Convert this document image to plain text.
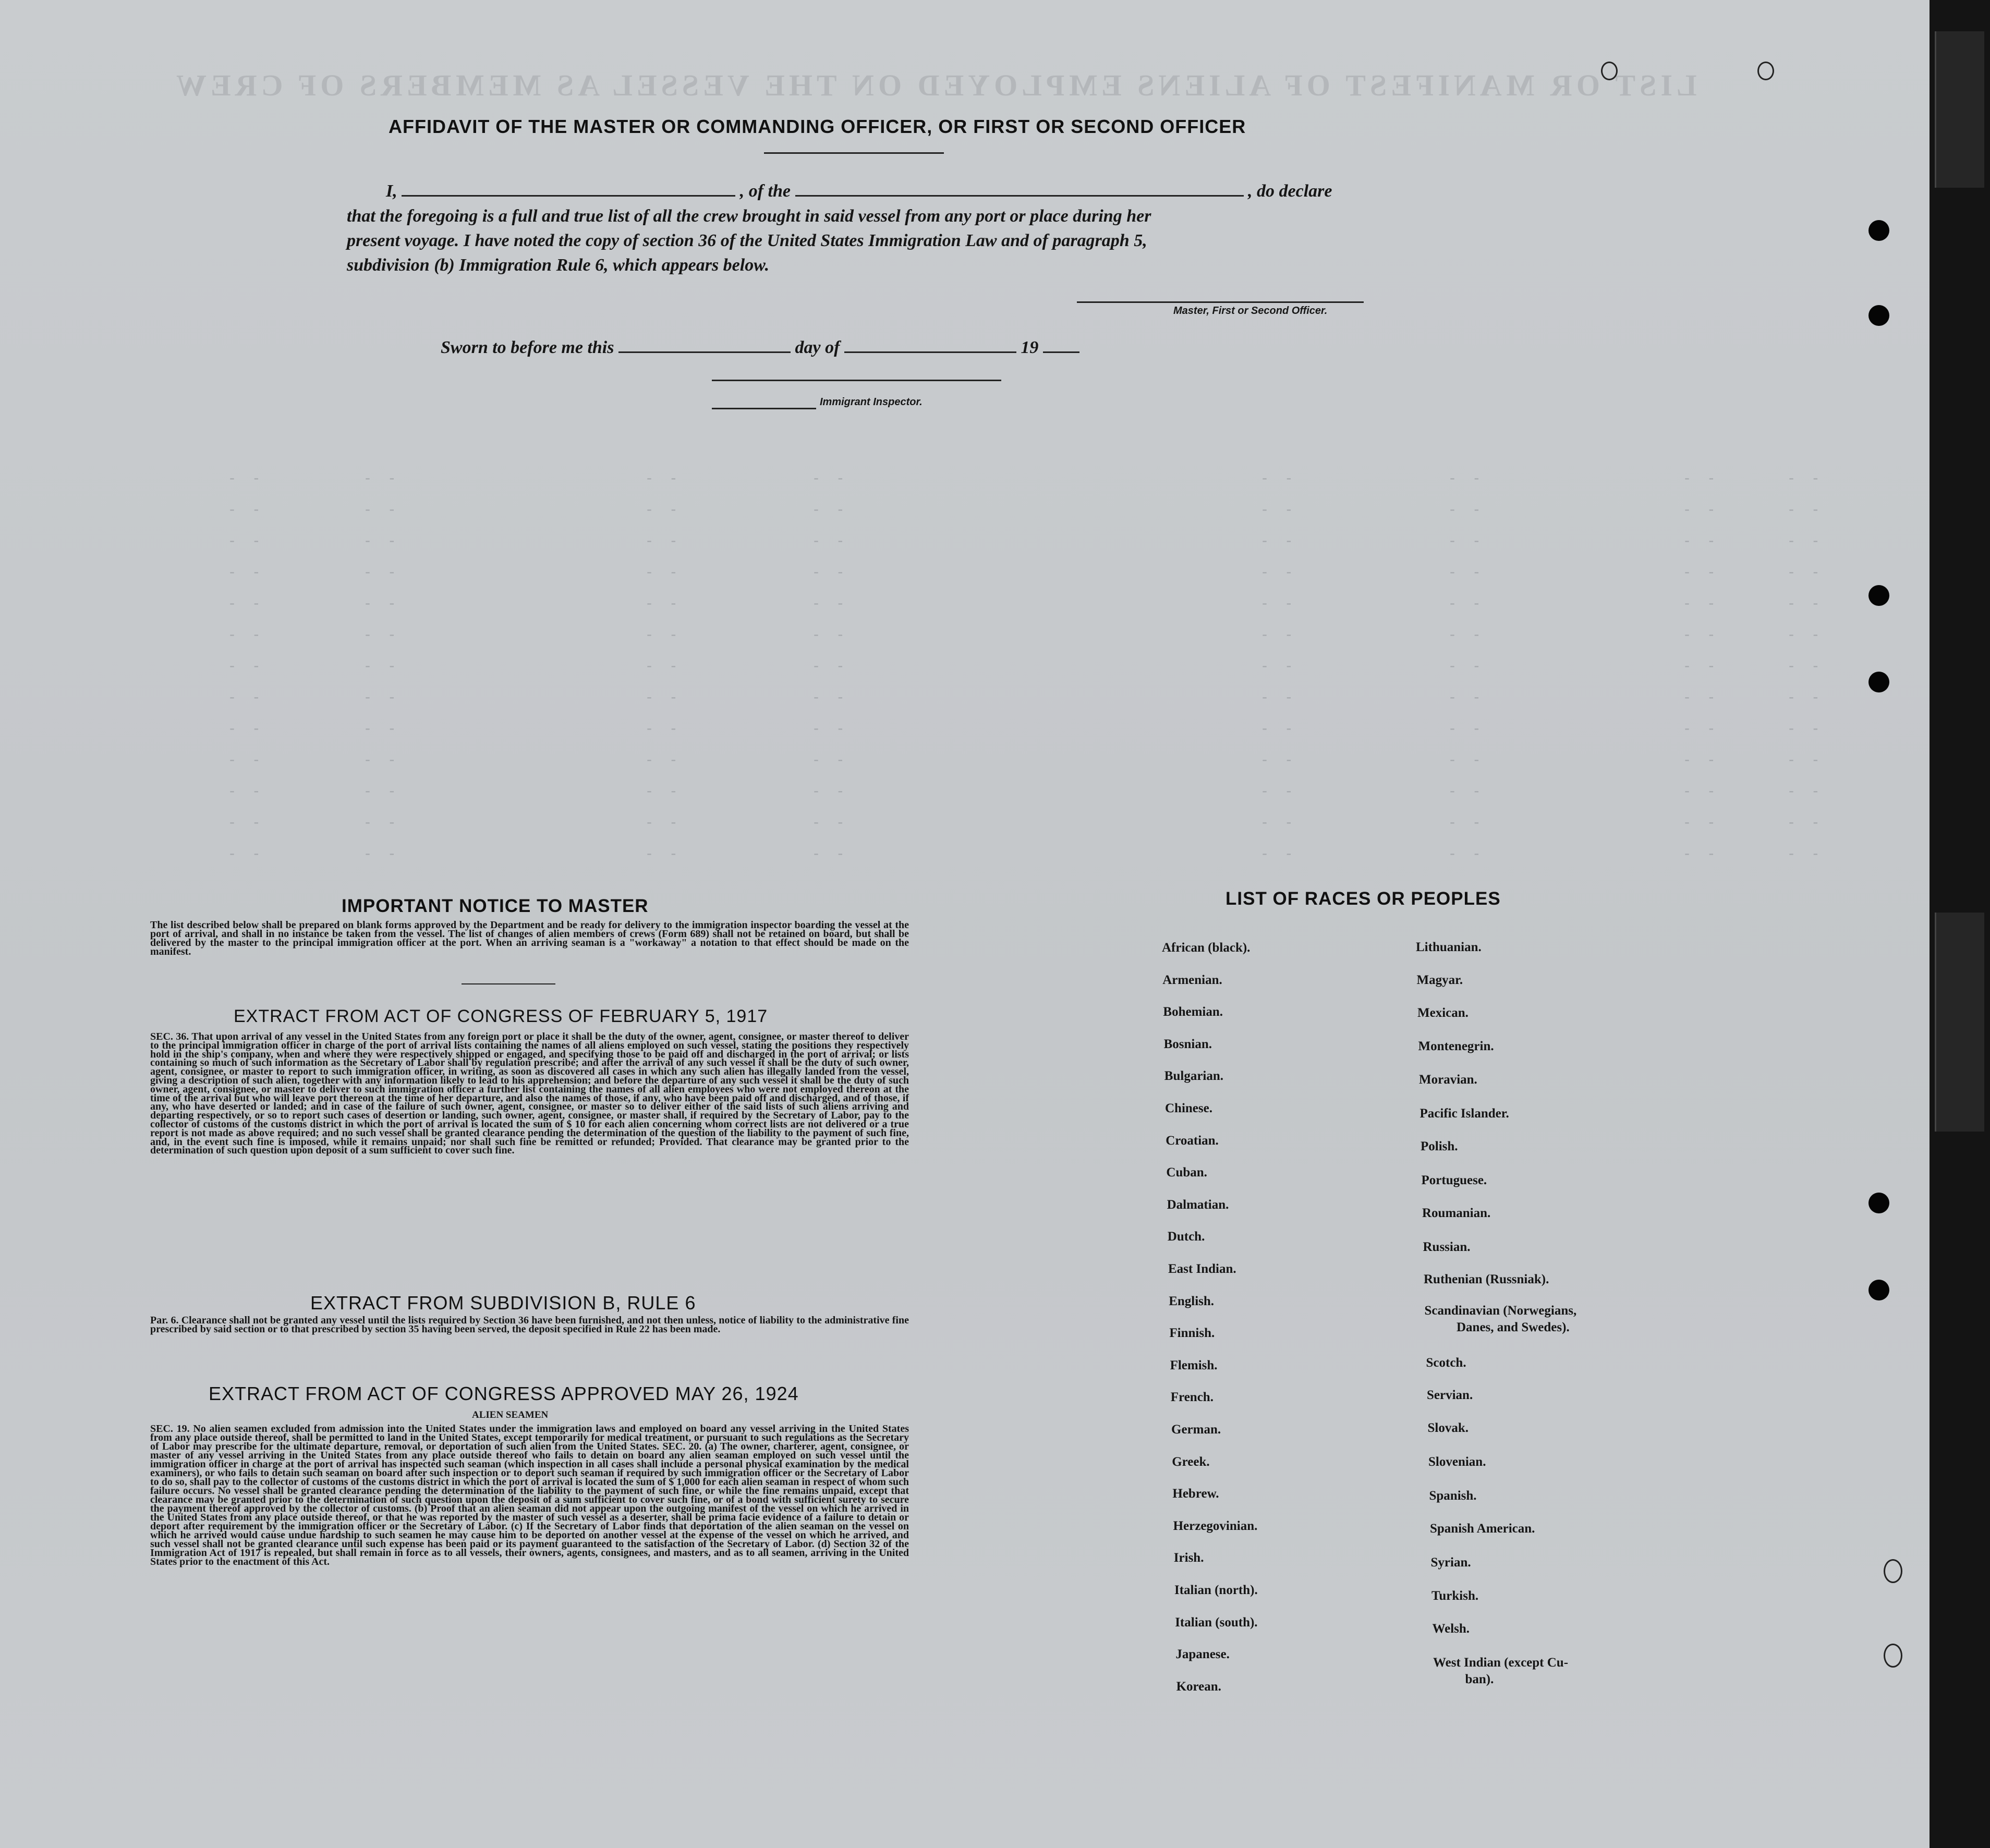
LIST OR MANIFEST OF ALIENS EMPLOYED ON THE VESSEL AS MEMBERS OF CREW
- -	- -	- -	- -	- -	- -	- -	- -
- -	- -	- -	- -	- -	- -	- -	- -
- -	- -	- -	- -	- -	- -	- -	- -
- -	- -	- -	- -	- -	- -	- -	- -
- -	- -	- -	- -	- -	- -	- -	- -
- -	- -	- -	- -	- -	- -	- -	- -
- -	- -	- -	- -	- -	- -	- -	- -
- -	- -	- -	- -	- -	- -	- -	- -
- -	- -	- -	- -	- -	- -	- -	- -
- -	- -	- -	- -	- -	- -	- -	- -
- -	- -	- -	- -	- -	- -	- -	- -
- -	- -	- -	- -	- -	- -	- -	- -
- -	- -	- -	- -	- -	- -	- -	- -
AFFIDAVIT OF THE MASTER OR COMMANDING OFFICER, OR FIRST OR SECOND OFFICER
I,	, of the	, do declare
that the foregoing is a full and true list of all the crew brought in said vessel from any port or place during her
present voyage. I have noted the copy of section 36 of the United States Immigration Law and of paragraph 5,
subdivision (b) Immigration Rule 6, which appears below.
Master, First or Second Officer.
Sworn to before me this	day of	19
Immigrant Inspector.
IMPORTANT NOTICE TO MASTER
The list described below shall be prepared on blank forms approved by the Department and be ready for delivery to the immigration inspector boarding the vessel at the port of arrival, and shall in no instance be taken from the vessel. The list of changes of alien members of crews (Form 689) shall not be retained on board, but shall be delivered by the master to the principal immigration officer at the port. When an arriving seaman is a "workaway" a notation to that effect should be made on the manifest.
EXTRACT FROM ACT OF CONGRESS OF FEBRUARY 5, 1917
SEC. 36. That upon arrival of any vessel in the United States from any foreign port or place it shall be the duty of the owner, agent, consignee, or master thereof to deliver to the principal immigration officer in charge of the port of arrival lists containing the names of all aliens employed on such vessel, stating the positions they respectively hold in the ship's company, when and where they were respectively shipped or engaged, and specifying those to be paid off and discharged in the port of arrival; or lists containing so much of such information as the Secretary of Labor shall by regulation prescribe; and after the arrival of any such vessel it shall be the duty of such owner, agent, consignee, or master to report to such immigration officer, in writing, as soon as discovered all cases in which any such alien has illegally landed from the vessel, giving a description of such alien, together with any information likely to lead to his apprehension; and before the departure of any such vessel it shall be the duty of such owner, agent, consignee, or master to deliver to such immigration officer a further list containing the names of all alien employees who were not employed thereon at the time of the arrival but who will leave port thereon at the time of her departure, and also the names of those, if any, who have been paid off and discharged, and of those, if any, who have deserted or landed; and in case of the failure of such owner, agent, consignee, or master so to deliver either of the said lists of such aliens arriving and departing respectively, or so to report such cases of desertion or landing, such owner, agent, consignee, or master shall, if required by the Secretary of Labor, pay to the collector of customs of the customs district in which the port of arrival is located the sum of $ 10 for each alien concerning whom correct lists are not delivered or a true report is not made as above required; and no such vessel shall be granted clearance pending the determination of the question of the liability to the payment of such fine, and, in the event such fine is imposed, while it remains unpaid; nor shall such fine be remitted or refunded; Provided. That clearance may be granted prior to the determination of such question upon deposit of a sum sufficient to cover such fine.
EXTRACT FROM SUBDIVISION B, RULE 6
Par. 6. Clearance shall not be granted any vessel until the lists required by Section 36 have been furnished, and not then unless, notice of liability to the administrative fine prescribed by said section or to that prescribed by section 35 having been served, the deposit specified in Rule 22 has been made.
EXTRACT FROM ACT OF CONGRESS APPROVED MAY 26, 1924
ALIEN SEAMEN
SEC. 19. No alien seamen excluded from admission into the United States under the immigration laws and employed on board any vessel arriving in the United States from any place outside thereof, shall be permitted to land in the United States, except temporarily for medical treatment, or pursuant to such regulations as the Secretary of Labor may prescribe for the ultimate departure, removal, or deportation of such alien from the United States. SEC. 20. (a) The owner, charterer, agent, consignee, or master of any vessel arriving in the United States from any place outside thereof who fails to detain on board any alien seaman employed on such vessel until the immigration officer in charge at the port of arrival has inspected such seaman (which inspection in all cases shall include a personal physical examination by the medical examiners), or who fails to detain such seaman on board after such inspection or to deport such seaman if required by such immigration officer or the Secretary of Labor to do so, shall pay to the collector of customs of the customs district in which the port of arrival is located the sum of $ 1,000 for each alien seaman in respect of whom such failure occurs. No vessel shall be granted clearance pending the determination of the liability to the payment of such fine, or while the fine remains unpaid, except that clearance may be granted prior to the determination of such question upon the deposit of a sum sufficient to cover such fine, or of a bond with sufficient surety to secure the payment thereof approved by the collector of customs. (b) Proof that an alien seaman did not appear upon the outgoing manifest of the vessel on which he arrived in the United States from any place outside thereof, or that he was reported by the master of such vessel as a deserter, shall be prima facie evidence of a failure to detain or deport after requirement by the immigration officer or the Secretary of Labor. (c) If the Secretary of Labor finds that deportation of the alien seaman on the vessel on which he arrived would cause undue hardship to such seamen he may cause him to be deported on another vessel at the expense of the vessel on which he arrived, and such vessel shall not be granted clearance until such expense has been paid or its payment guaranteed to the satisfaction of the Secretary of Labor. (d) Section 32 of the Immigration Act of 1917 is repealed, but shall remain in force as to all vessels, their owners, agents, consignees, and masters, and as to all seamen, arriving in the United States prior to the enactment of this Act.
LIST OF RACES OR PEOPLES
African (black).
Armenian.
Bohemian.
Bosnian.
Bulgarian.
Chinese.
Croatian.
Cuban.
Dalmatian.
Dutch.
East Indian.
English.
Finnish.
Flemish.
French.
German.
Greek.
Hebrew.
Herzegovinian.
Irish.
Italian (north).
Italian (south).
Japanese.
Korean.
Lithuanian.
Magyar.
Mexican.
Montenegrin.
Moravian.
Pacific Islander.
Polish.
Portuguese.
Roumanian.
Russian.
Ruthenian (Russniak).
Scandinavian (Norwegians,
Danes, and Swedes).
Scotch.
Servian.
Slovak.
Slovenian.
Spanish.
Spanish American.
Syrian.
Turkish.
Welsh.
West Indian (except Cu-
ban).
